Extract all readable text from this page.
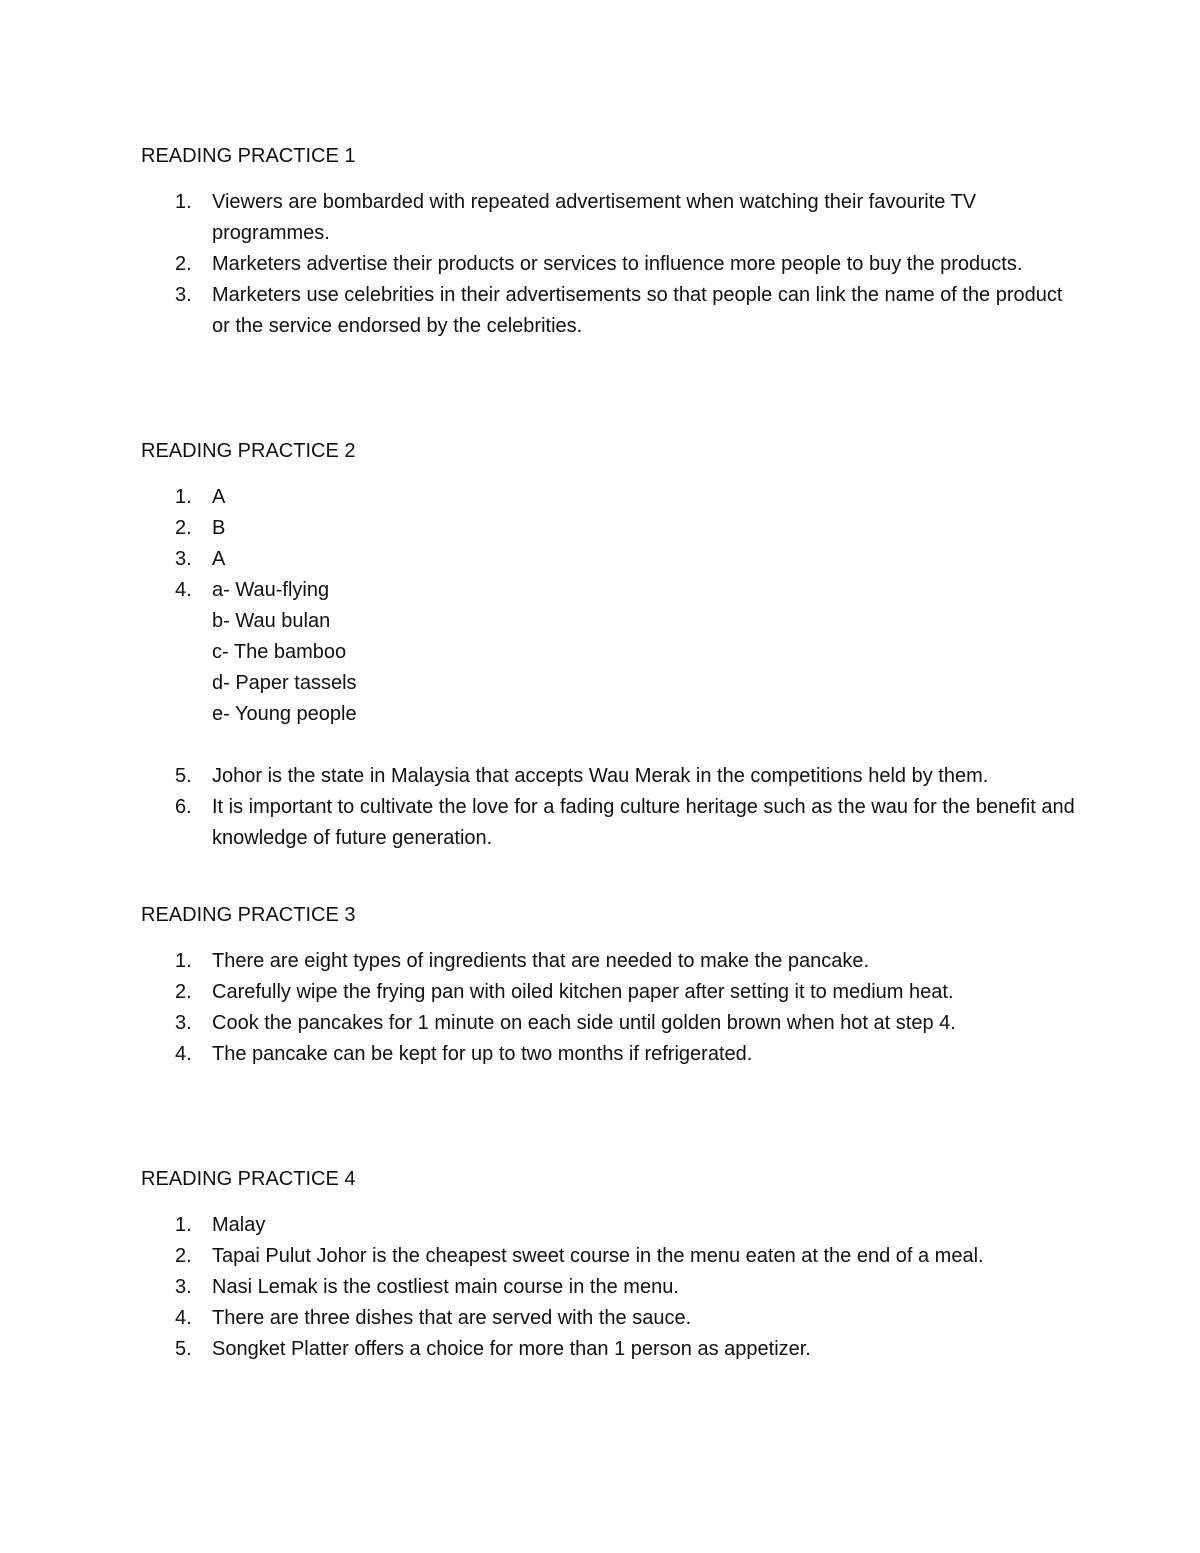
READING PRACTICE 1
1. Viewers are bombarded with repeated advertisement when watching their favourite TV programmes.
2. Marketers advertise their products or services to influence more people to buy the products.
3. Marketers use celebrities in their advertisements so that people can link the name of the product or the service endorsed by the celebrities.
READING PRACTICE 2
1. A
2. B
3. A
4. a- Wau-flying
b- Wau bulan
c- The bamboo
d- Paper tassels
e- Young people
5. Johor is the state in Malaysia that accepts Wau Merak in the competitions held by them.
6. It is important to cultivate the love for a fading culture heritage such as the wau for the benefit and knowledge of future generation.
READING PRACTICE 3
1. There are eight types of ingredients that are needed to make the pancake.
2. Carefully wipe the frying pan with oiled kitchen paper after setting it to medium heat.
3. Cook the pancakes for 1 minute on each side until golden brown when hot at step 4.
4. The pancake can be kept for up to two months if refrigerated.
READING PRACTICE 4
1. Malay
2. Tapai Pulut Johor is the cheapest sweet course in the menu eaten at the end of a meal.
3. Nasi Lemak is the costliest main course in the menu.
4. There are three dishes that are served with the sauce.
5. Songket Platter offers a choice for more than 1 person as appetizer.
